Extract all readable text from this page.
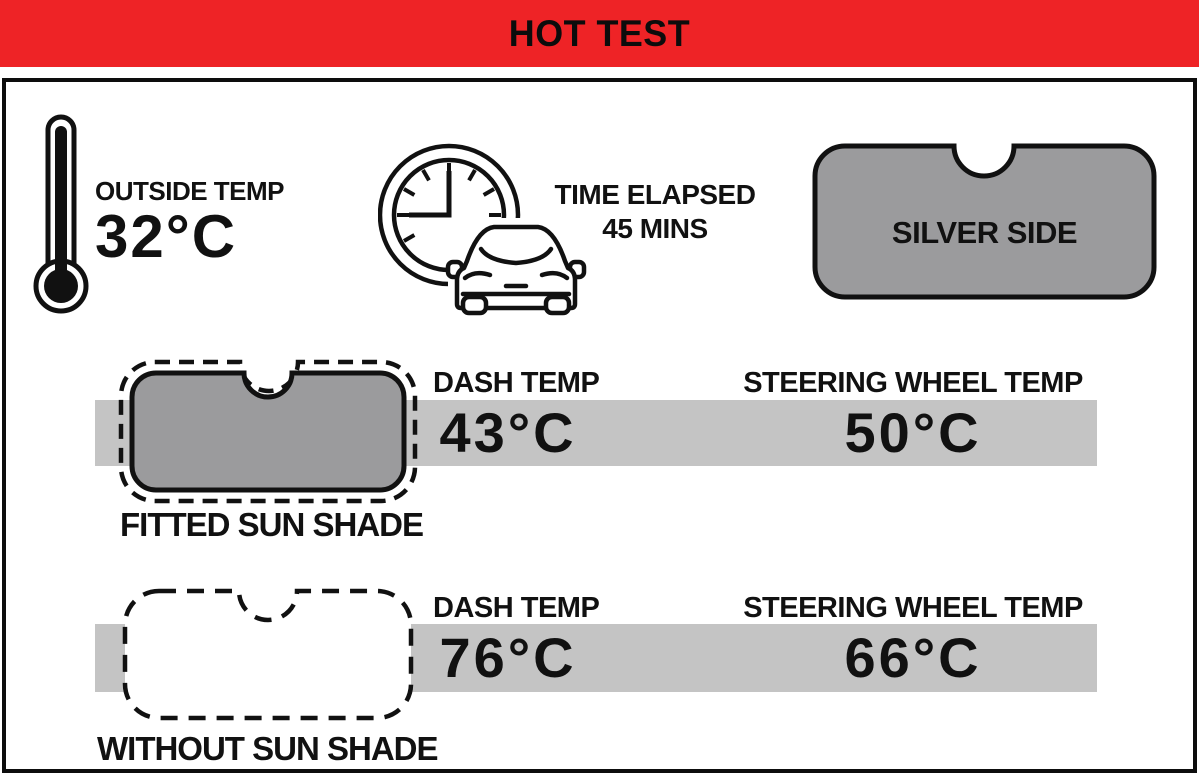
HOT TEST
OUTSIDE TEMP
32°C
TIME ELAPSED
45 MINS	SILVER SIDE
DASH TEMP	STEERING WHEEL TEMP
43°C	50°C
FITTED SUN SHADE
DASH TEMP	STEERING WHEEL TEMP
76°C	66°C
WITHOUT SUN SHADE
